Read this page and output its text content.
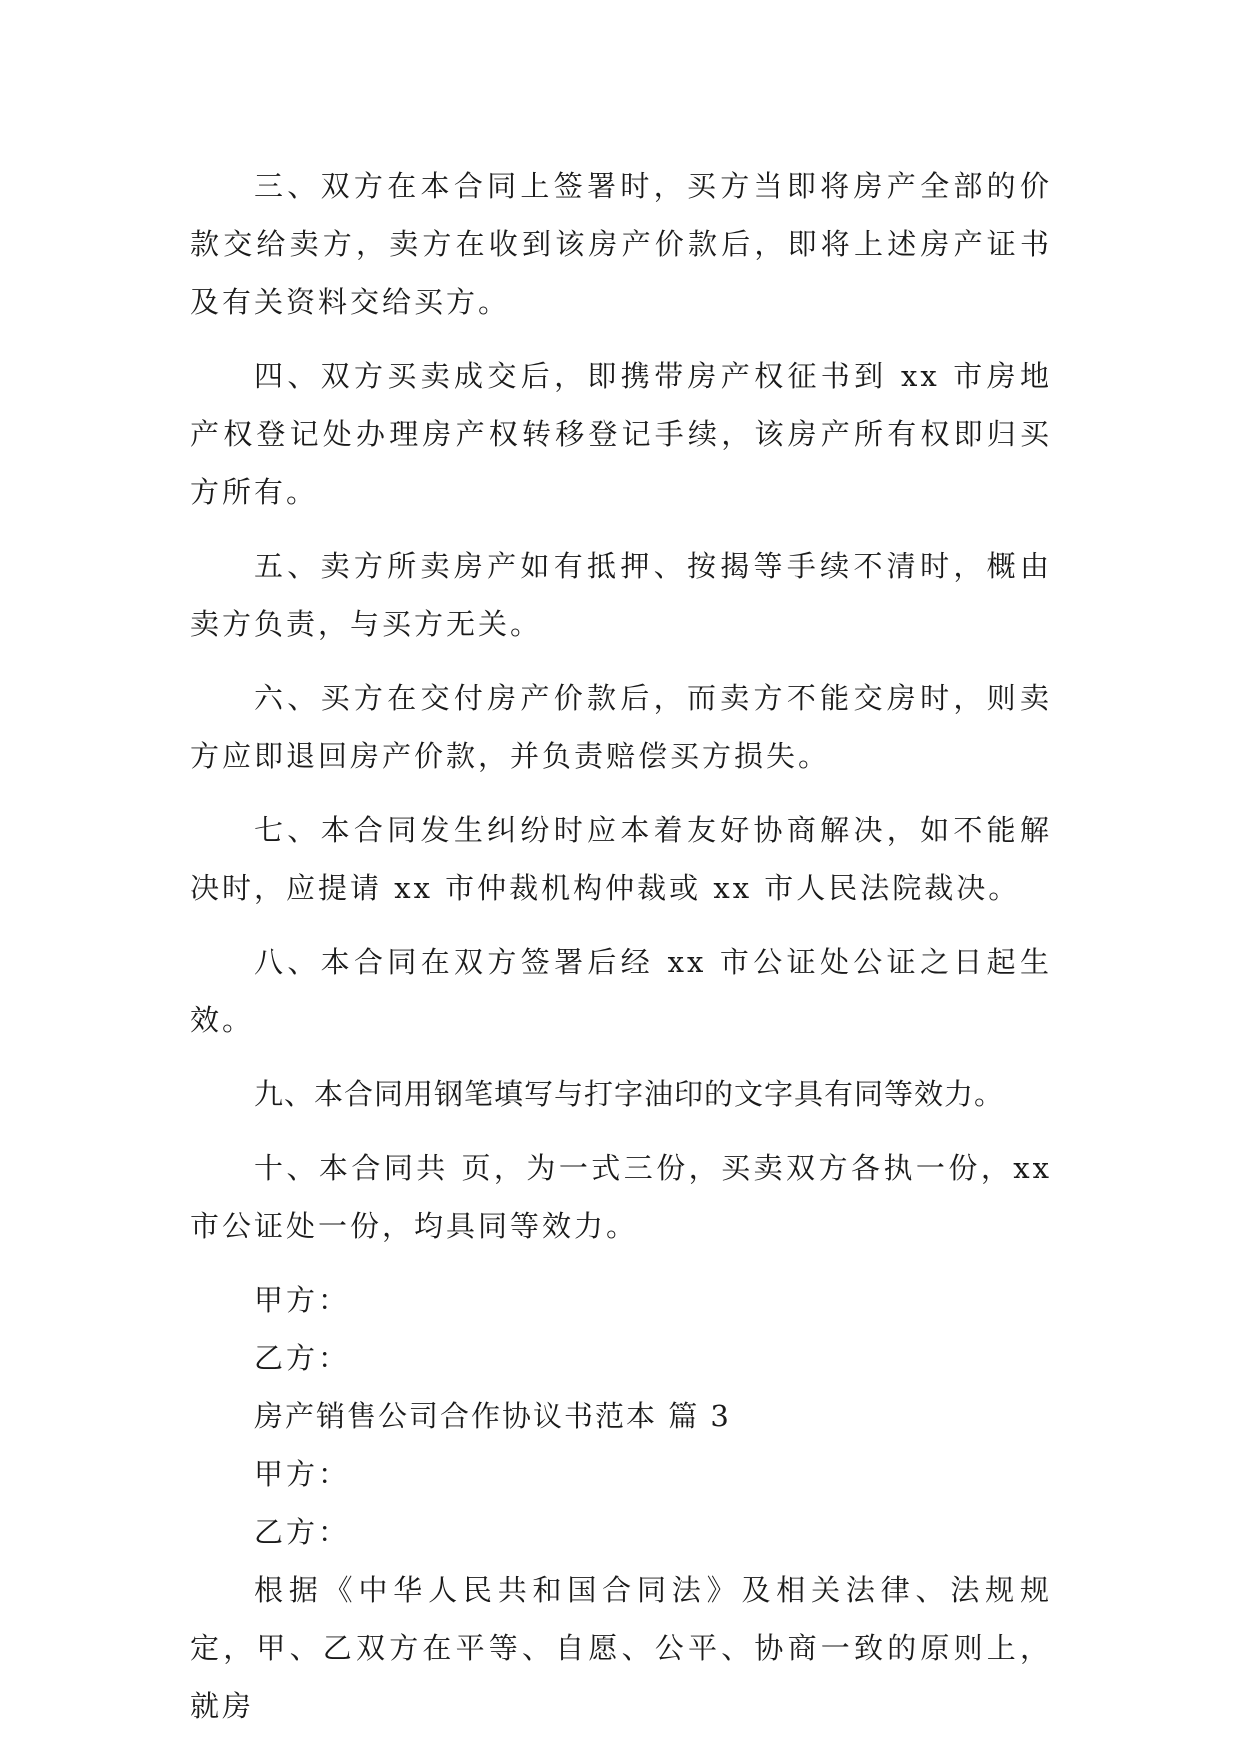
三、双方在本合同上签署时，买方当即将房产全部的价款交给卖方，卖方在收到该房产价款后，即将上述房产证书及有关资料交给买方。

四、双方买卖成交后，即携带房产权征书到 xx 市房地产权登记处办理房产权转移登记手续，该房产所有权即归买方所有。

五、卖方所卖房产如有抵押、按揭等手续不清时，概由卖方负责，与买方无关。

六、买方在交付房产价款后，而卖方不能交房时，则卖方应即退回房产价款，并负责赔偿买方损失。

七、本合同发生纠纷时应本着友好协商解决，如不能解决时，应提请 xx 市仲裁机构仲裁或 xx 市人民法院裁决。

八、本合同在双方签署后经 xx 市公证处公证之日起生效。

九、本合同用钢笔填写与打字油印的文字具有同等效力。

十、本合同共 页，为一式三份，买卖双方各执一份，xx 市公证处一份，均具同等效力。

甲方：

乙方：

房产销售公司合作协议书范本 篇 3

甲方：

乙方：

根据《中华人民共和国合同法》及相关法律、法规规定，甲、乙双方在平等、自愿、公平、协商一致的原则上，就房
